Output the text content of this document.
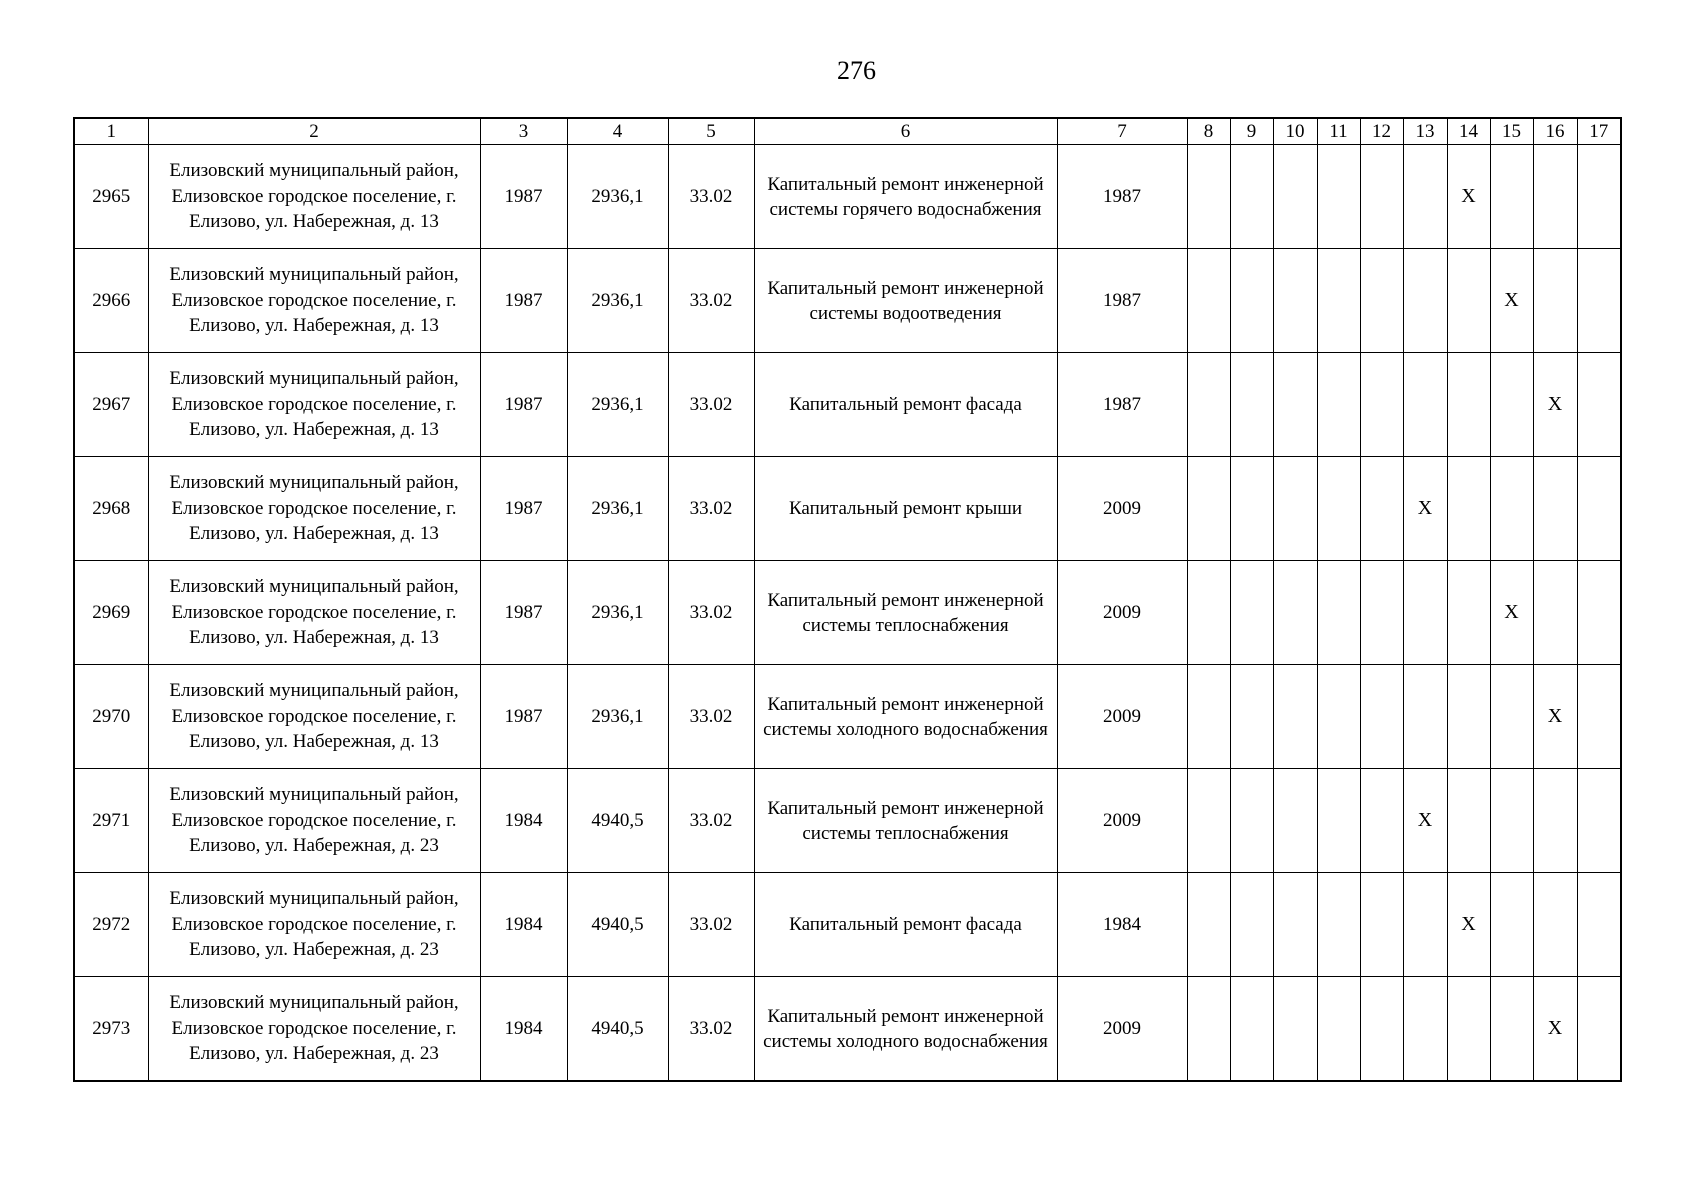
276
1	2	3	4	5	6	7	8	9	10	11	12	13	14	15	16	17
2965	Елизовский муниципальный район, Елизовское городское поселение, г. Елизово, ул. Набережная, д. 13	1987	2936,1	33.02	Капитальный ремонт инженерной системы горячего водоснабжения	1987							X			
2966	Елизовский муниципальный район, Елизовское городское поселение, г. Елизово, ул. Набережная, д. 13	1987	2936,1	33.02	Капитальный ремонт инженерной системы водоотведения	1987								X		
2967	Елизовский муниципальный район, Елизовское городское поселение, г. Елизово, ул. Набережная, д. 13	1987	2936,1	33.02	Капитальный ремонт фасада	1987									X	
2968	Елизовский муниципальный район, Елизовское городское поселение, г. Елизово, ул. Набережная, д. 13	1987	2936,1	33.02	Капитальный ремонт крыши	2009						X				
2969	Елизовский муниципальный район, Елизовское городское поселение, г. Елизово, ул. Набережная, д. 13	1987	2936,1	33.02	Капитальный ремонт инженерной системы теплоснабжения	2009								X		
2970	Елизовский муниципальный район, Елизовское городское поселение, г. Елизово, ул. Набережная, д. 13	1987	2936,1	33.02	Капитальный ремонт инженерной системы холодного водоснабжения	2009									X	
2971	Елизовский муниципальный район, Елизовское городское поселение, г. Елизово, ул. Набережная, д. 23	1984	4940,5	33.02	Капитальный ремонт инженерной системы теплоснабжения	2009						X				
2972	Елизовский муниципальный район, Елизовское городское поселение, г. Елизово, ул. Набережная, д. 23	1984	4940,5	33.02	Капитальный ремонт фасада	1984							X			
2973	Елизовский муниципальный район, Елизовское городское поселение, г. Елизово, ул. Набережная, д. 23	1984	4940,5	33.02	Капитальный ремонт инженерной системы холодного водоснабжения	2009									X	
